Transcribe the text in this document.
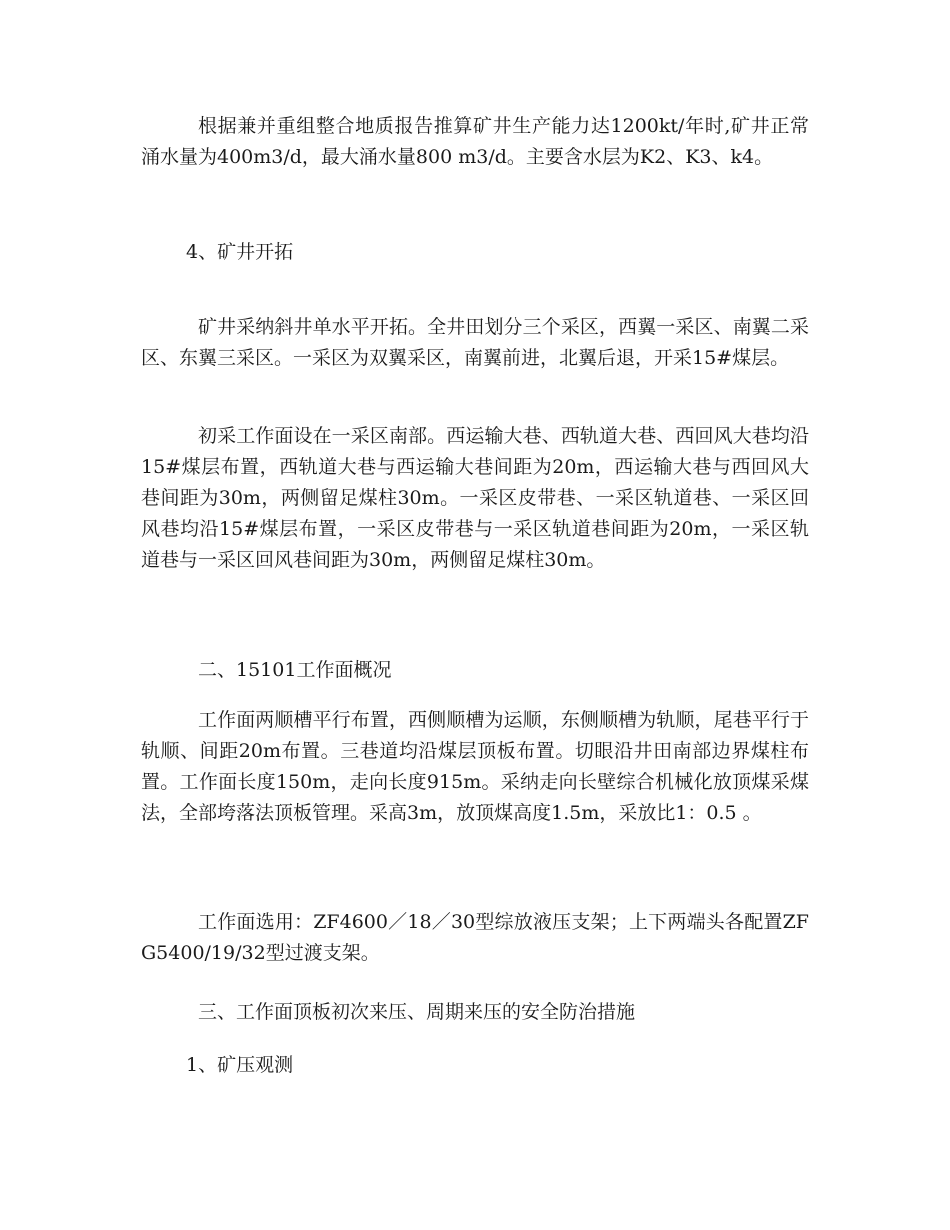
根据兼并重组整合地质报告推算矿井生产能力达1200kt/年时,矿井正常涌水量为400m3/d，最大涌水量800 m3/d。主要含水层为K2、K3、k4。

4、矿井开拓

矿井采纳斜井单水平开拓。全井田划分三个采区，西翼一采区、南翼二采区、东翼三采区。一采区为双翼采区，南翼前进，北翼后退，开采15#煤层。

初采工作面设在一采区南部。西运输大巷、西轨道大巷、西回风大巷均沿15#煤层布置，西轨道大巷与西运输大巷间距为20m，西运输大巷与西回风大巷间距为30m，两侧留足煤柱30m。一采区皮带巷、一采区轨道巷、一采区回风巷均沿15#煤层布置，一采区皮带巷与一采区轨道巷间距为20m，一采区轨道巷与一采区回风巷间距为30m，两侧留足煤柱30m。

二、15101工作面概况

工作面两顺槽平行布置，西侧顺槽为运顺，东侧顺槽为轨顺，尾巷平行于轨顺、间距20m布置。三巷道均沿煤层顶板布置。切眼沿井田南部边界煤柱布置。工作面长度150m，走向长度915m。采纳走向长壁综合机械化放顶煤采煤法，全部垮落法顶板管理。采高3m，放顶煤高度1.5m，采放比1：0.5 。

工作面选用：ZF4600／18／30型综放液压支架；上下两端头各配置ZFG5400/19/32型过渡支架。

三、工作面顶板初次来压、周期来压的安全防治措施

1、矿压观测
